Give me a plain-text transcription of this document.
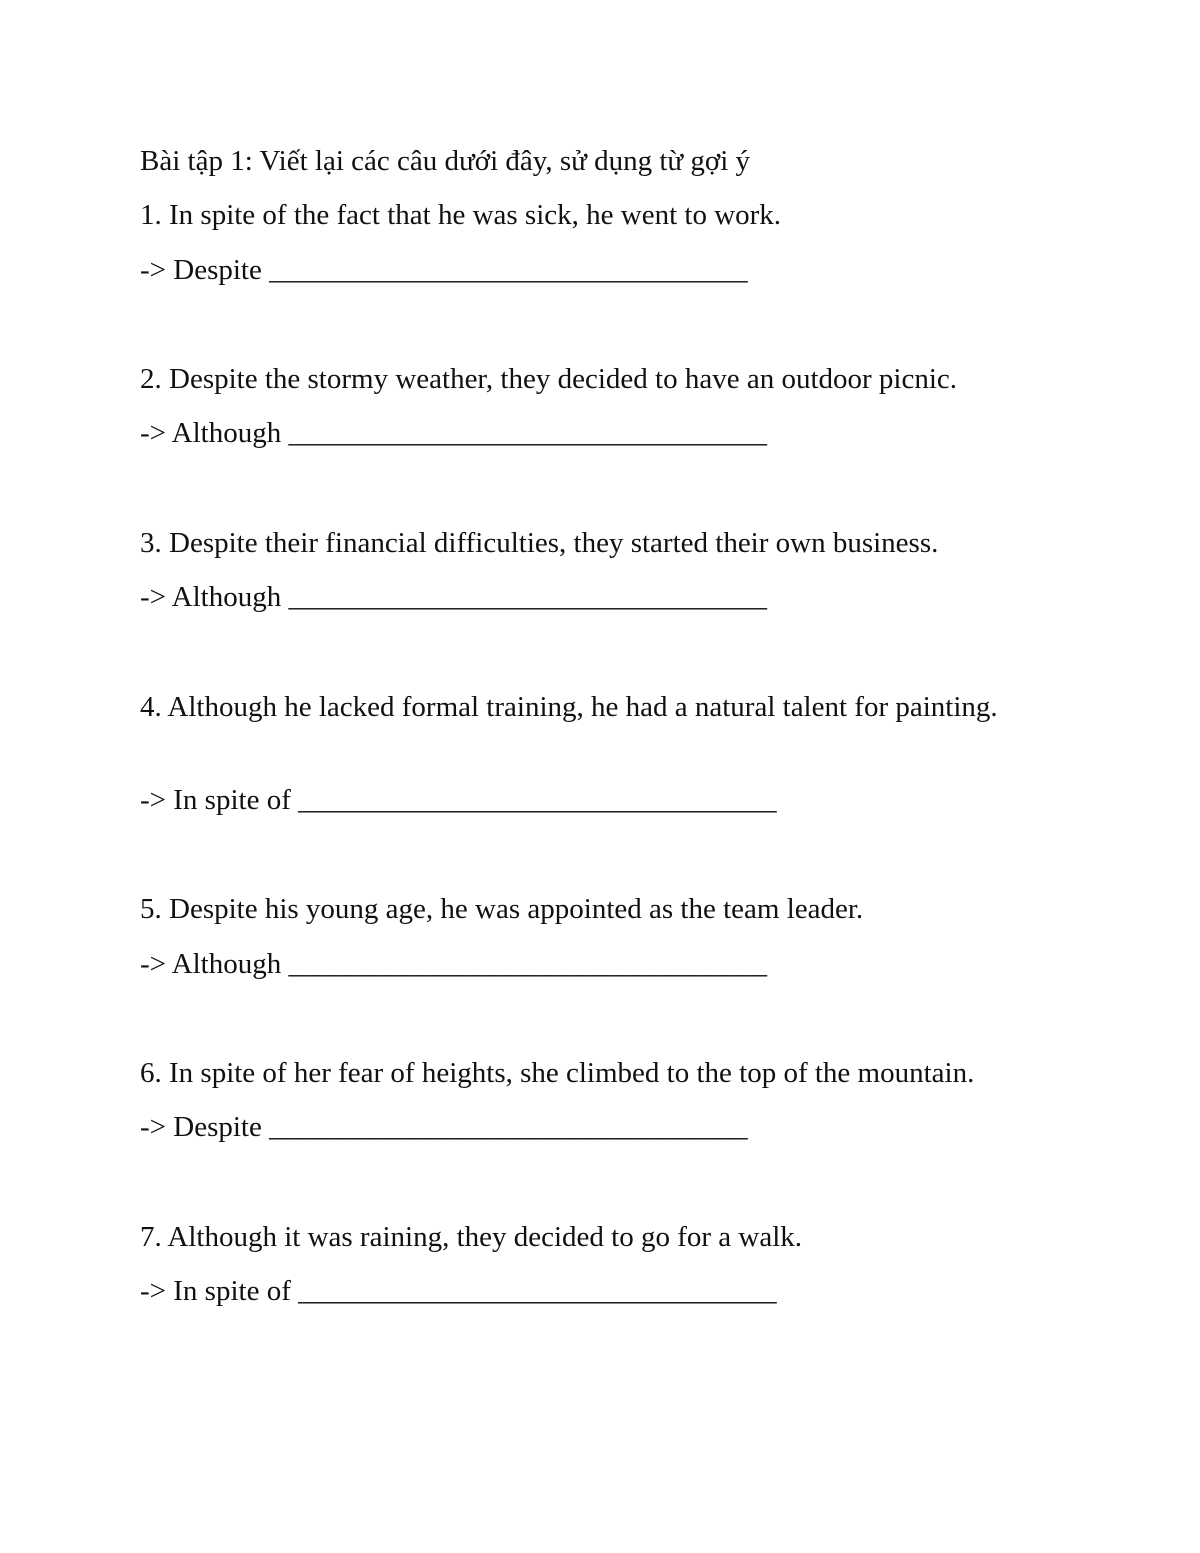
Bài tập 1: Viết lại các câu dưới đây, sử dụng từ gợi ý
1. In spite of the fact that he was sick, he went to work.
-> Despite _________________________________
2. Despite the stormy weather, they decided to have an outdoor picnic.
-> Although _________________________________
3. Despite their financial difficulties, they started their own business.
-> Although _________________________________
4. Although he lacked formal training, he had a natural talent for painting.
-> In spite of _________________________________
5. Despite his young age, he was appointed as the team leader.
-> Although _________________________________
6. In spite of her fear of heights, she climbed to the top of the mountain.
-> Despite _________________________________
7. Although it was raining, they decided to go for a walk.
-> In spite of _________________________________
